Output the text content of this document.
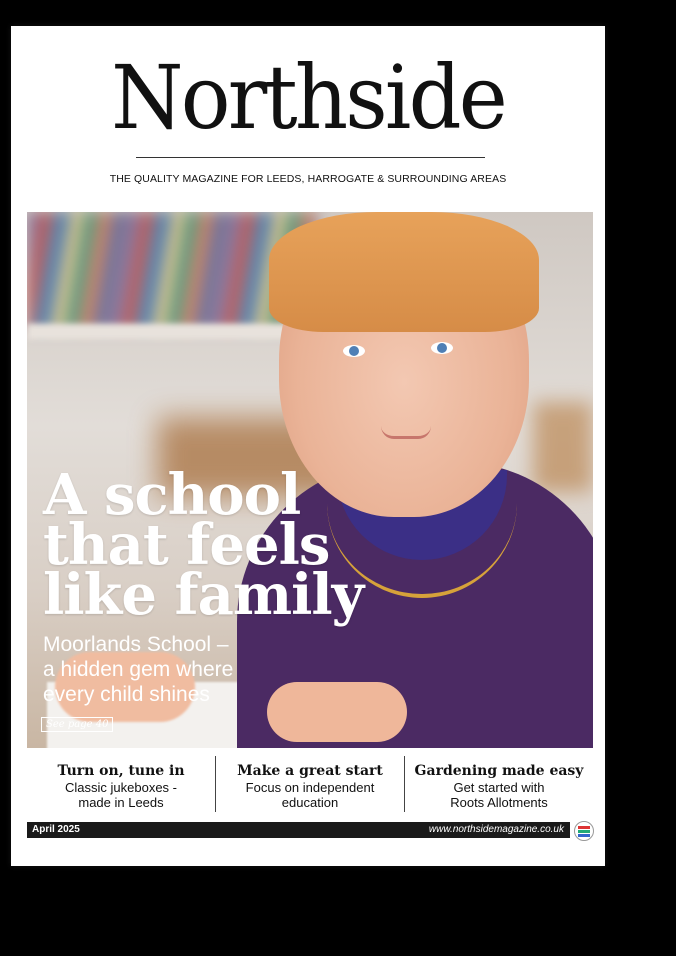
Northside
THE QUALITY MAGAZINE FOR LEEDS, HARROGATE & SURROUNDING AREAS
A school
that feels
like family
Moorlands School –
a hidden gem where
every child shines
See page 40
Turn on, tune in
Classic jukeboxes -
made in Leeds
Make a great start
Focus on independent
education
Gardening made easy
Get started with
Roots Allotments
April 2025	www.northsidemagazine.co.uk
